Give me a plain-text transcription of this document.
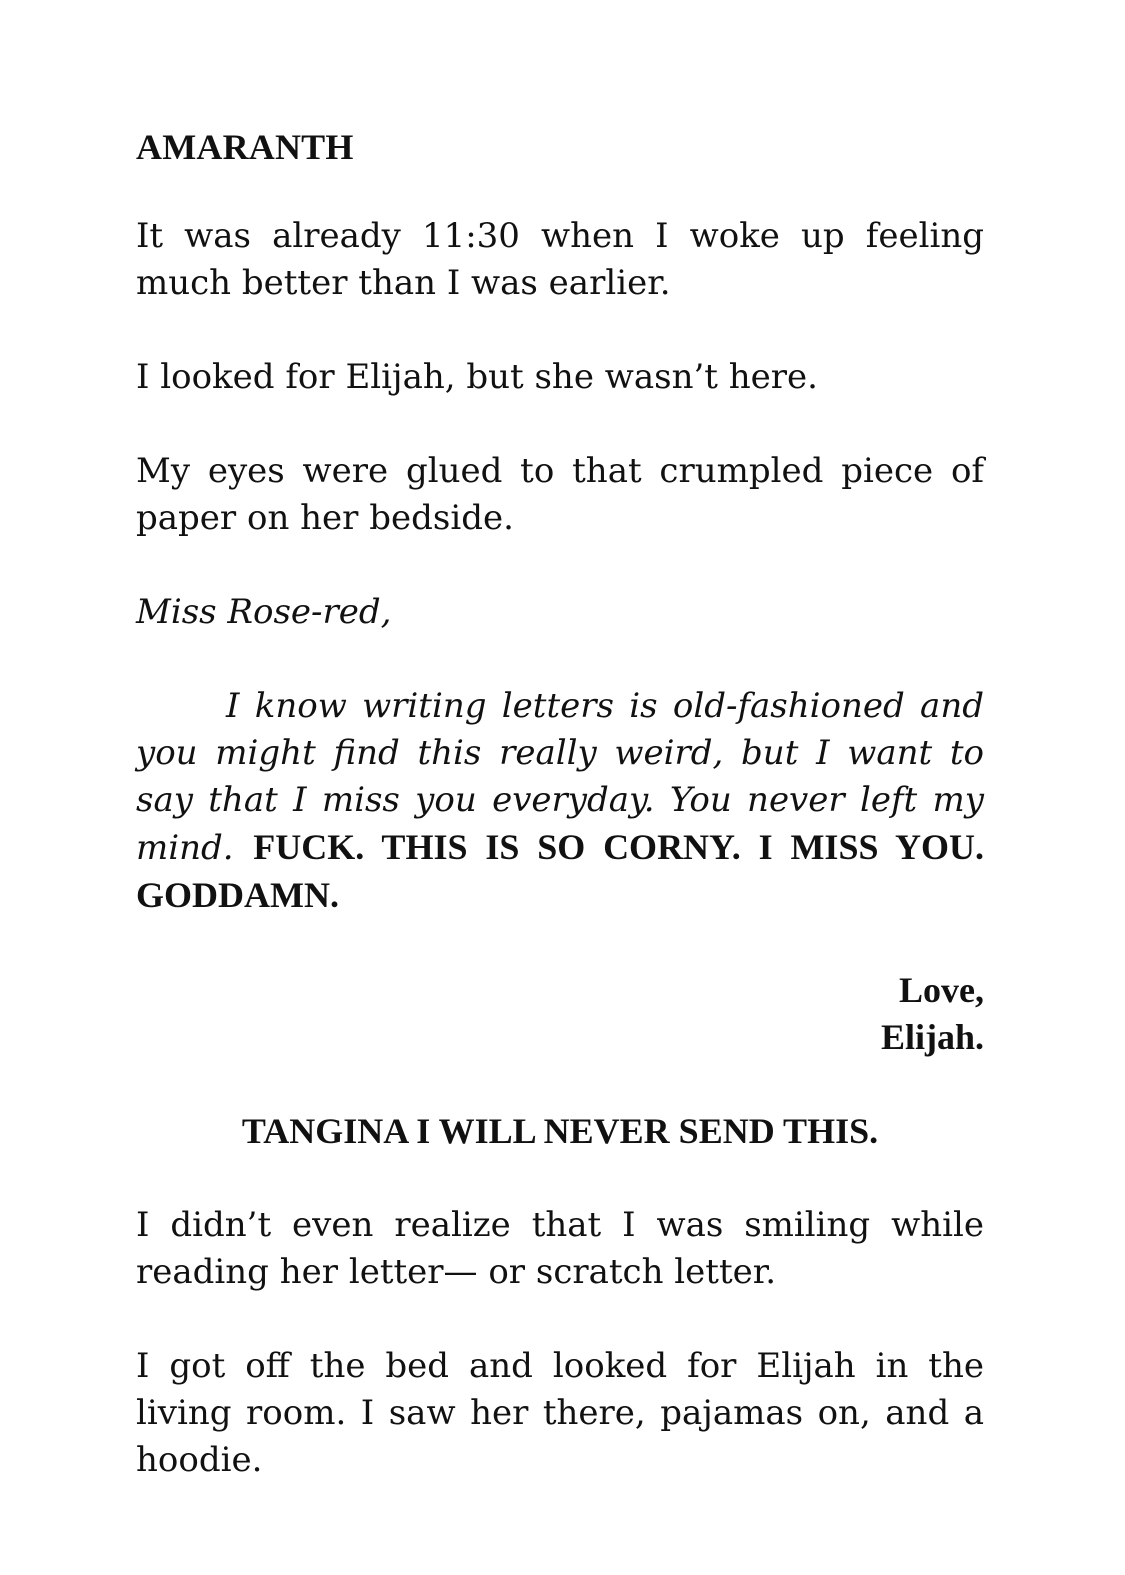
AMARANTH

It was already 11:30 when I woke up feeling much better than I was earlier.

I looked for Elijah, but she wasn’t here.

My eyes were glued to that crumpled piece of paper on her bedside.

Miss Rose-red,

I know writing letters is old-fashioned and you might find this really weird, but I want to say that I miss you everyday. You never left my mind. FUCK. THIS IS SO CORNY. I MISS YOU. GODDAMN.

Love,

Elijah.

TANGINA I WILL NEVER SEND THIS.

I didn’t even realize that I was smiling while reading her letter— or scratch letter.

I got off the bed and looked for Elijah in the living room. I saw her there, pajamas on, and a hoodie.
